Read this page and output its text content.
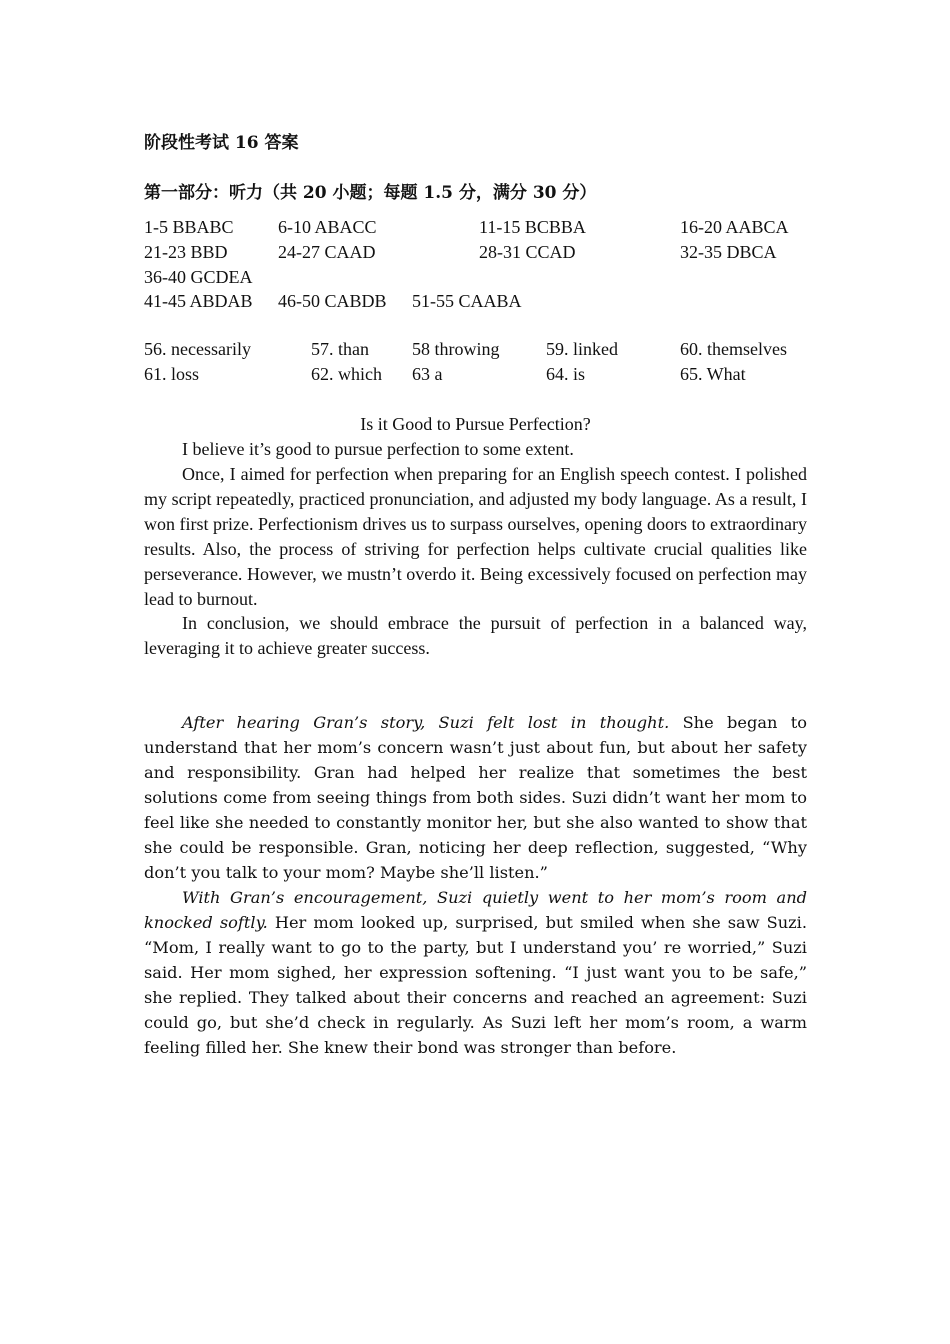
阶段性考试 16 答案
第一部分：听力（共 20 小题；每题 1.5 分，满分 30 分）
1-5 BBABC 6-10 ABACC	11-15 BCBBA	16-20 AABCA
21-23 BBD	24-27 CAAD	28-31 CCAD	32-35 DBCA
36-40 GCDEA
41-45 ABDAB 46-50 CABDB 51-55 CAABA
56. necessarily	57. than 58 throwing	59. linked	60. themselves
61. loss	62. which 63 a	64. is	65. What
Is it Good to Pursue Perfection?

I believe it’s good to pursue perfection to some extent.

Once, I aimed for perfection when preparing for an English speech contest. I polished my script repeatedly, practiced pronunciation, and adjusted my body language. As a result, I won first prize. Perfectionism drives us to surpass ourselves, opening doors to extraordinary results. Also, the process of striving for perfection helps cultivate crucial qualities like perseverance. However, we mustn’t overdo it. Being excessively focused on perfection may lead to burnout.

In conclusion, we should embrace the pursuit of perfection in a balanced way, leveraging it to achieve greater success.

After hearing Gran’s story, Suzi felt lost in thought. She began to understand that her mom’s concern wasn’t just about fun, but about her safety and responsibility. Gran had helped her realize that sometimes the best solutions come from seeing things from both sides. Suzi didn’t want her mom to feel like she needed to constantly monitor her, but she also wanted to show that she could be responsible. Gran, noticing her deep reflection, suggested, “Why don’t you talk to your mom? Maybe she’ll listen.”

With Gran’s encouragement, Suzi quietly went to her mom’s room and knocked softly. Her mom looked up, surprised, but smiled when she saw Suzi. “Mom, I really want to go to the party, but I understand you’ re worried,” Suzi said. Her mom sighed, her expression softening. “I just want you to be safe,” she replied. They talked about their concerns and reached an agreement: Suzi could go, but she’d check in regularly. As Suzi left her mom’s room, a warm feeling filled her. She knew their bond was stronger than before.
